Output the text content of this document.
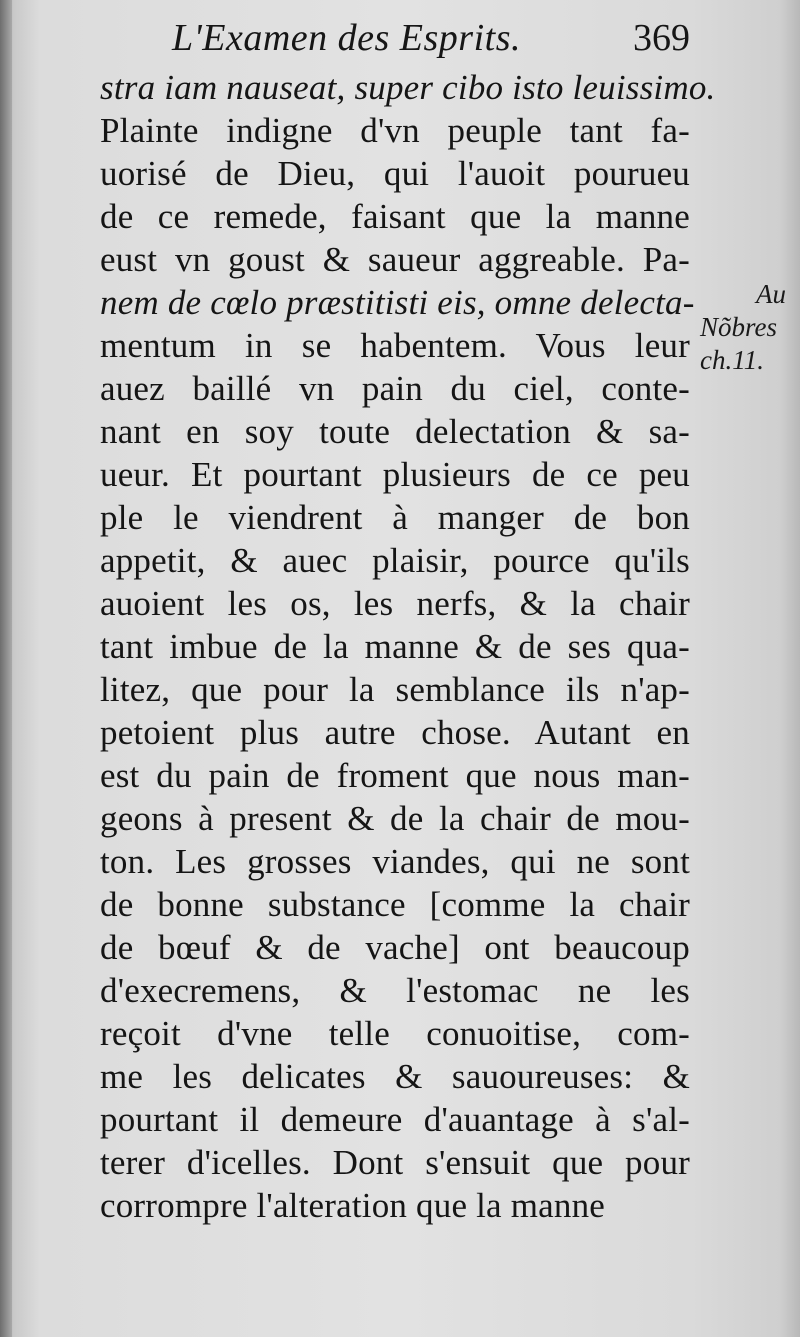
L'Examen des Esprits.	369
stra iam nauseat, super cibo isto leuissimo.
Plainte indigne d'vn peuple tant fa-
uorisé de Dieu, qui l'auoit pourueu
de ce remede, faisant que la manne
eust vn goust & saueur aggreable. Pa-
nem de cœlo præstitisti eis, omne delecta-
mentum in se habentem. Vous leur
auez baillé vn pain du ciel, conte-
nant en soy toute delectation & sa-
ueur. Et pourtant plusieurs de ce peu
ple le viendrent à manger de bon
appetit, & auec plaisir, pource qu'ils
auoient les os, les nerfs, & la chair
tant imbue de la manne & de ses qua-
litez, que pour la semblance ils n'ap-
petoient plus autre chose. Autant en
est du pain de froment que nous man-
geons à present & de la chair de mou-
ton. Les grosses viandes, qui ne sont
de bonne substance [comme la chair
de bœuf & de vache] ont beaucoup
d'execremens, & l'estomac ne les
reçoit d'vne telle conuoitise, com-
me les delicates & sauoureuses: &
pourtant il demeure d'auantage à s'al-
terer d'icelles. Dont s'ensuit que pour
corrompre l'alteration que la manne
Au
Nõbres
ch.11.
